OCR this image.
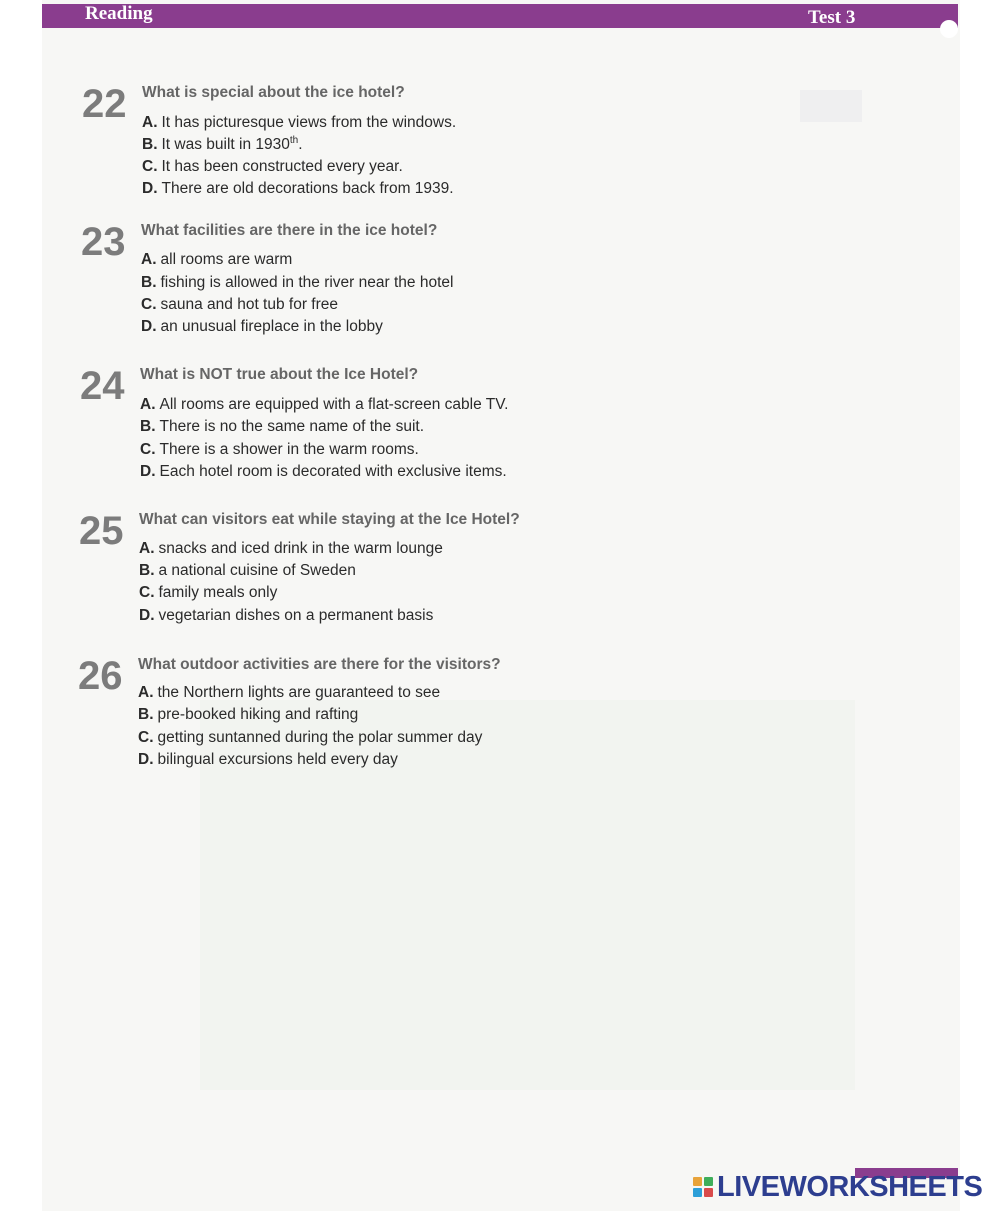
Reading	Test 3
22 What is special about the ice hotel?
A. It has picturesque views from the windows.
B. It was built in 1930th.
C. It has been constructed every year.
D. There are old decorations back from 1939.
23 What facilities are there in the ice hotel?
A. all rooms are warm
B. fishing is allowed in the river near the hotel
C. sauna and hot tub for free
D. an unusual fireplace in the lobby
24 What is NOT true about the Ice Hotel?
A. All rooms are equipped with a flat-screen cable TV.
B. There is no the same name of the suit.
C. There is a shower in the warm rooms.
D. Each hotel room is decorated with exclusive items.
25 What can visitors eat while staying at the Ice Hotel?
A. snacks and iced drink in the warm lounge
B. a national cuisine of Sweden
C. family meals only
D. vegetarian dishes on a permanent basis
26 What outdoor activities are there for the visitors?
A. the Northern lights are guaranteed to see
B. pre-booked hiking and rafting
C. getting suntanned during the polar summer day
D. bilingual excursions held every day
LIVEWORKSHEETS
